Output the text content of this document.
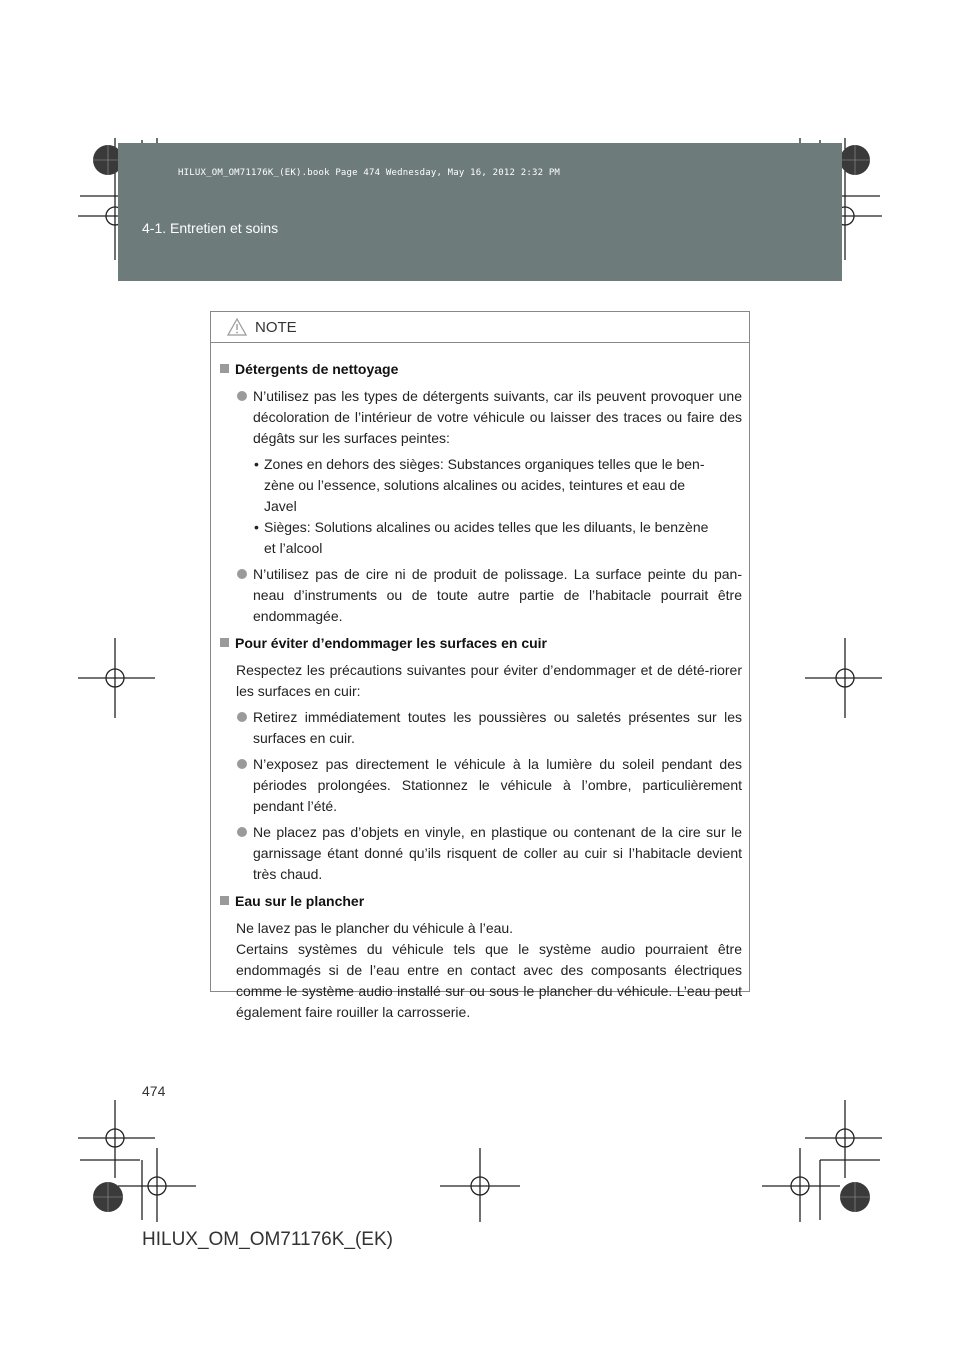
HILUX_OM_OM71176K_(EK).book Page 474 Wednesday, May 16, 2012 2:32 PM
4-1. Entretien et soins
NOTE
Détergents de nettoyage
N’utilisez pas les types de détergents suivants, car ils peuvent provoquer une décoloration de l’intérieur de votre véhicule ou laisser des traces ou faire des dégâts sur les surfaces peintes:
• Zones en dehors des sièges: Substances organiques telles que le ben-
zène ou l’essence, solutions alcalines ou acides, teintures et eau de
Javel
• Sièges: Solutions alcalines ou acides telles que les diluants, le benzène
et l’alcool
N’utilisez pas de cire ni de produit de polissage. La surface peinte du pan-neau d’instruments ou de toute autre partie de l’habitacle pourrait être endommagée.
Pour éviter d’endommager les surfaces en cuir
Respectez les précautions suivantes pour éviter d’endommager et de dété-riorer les surfaces en cuir:
Retirez immédiatement toutes les poussières ou saletés présentes sur les surfaces en cuir.
N’exposez pas directement le véhicule à la lumière du soleil pendant des périodes prolongées. Stationnez le véhicule à l’ombre, particulièrement pendant l’été.
Ne placez pas d’objets en vinyle, en plastique ou contenant de la cire sur le garnissage étant donné qu’ils risquent de coller au cuir si l’habitacle devient très chaud.
Eau sur le plancher
Ne lavez pas le plancher du véhicule à l’eau.
Certains systèmes du véhicule tels que le système audio pourraient être endommagés si de l’eau entre en contact avec des composants électriques comme le système audio installé sur ou sous le plancher du véhicule. L’eau peut également faire rouiller la carrosserie.
474
HILUX_OM_OM71176K_(EK)
